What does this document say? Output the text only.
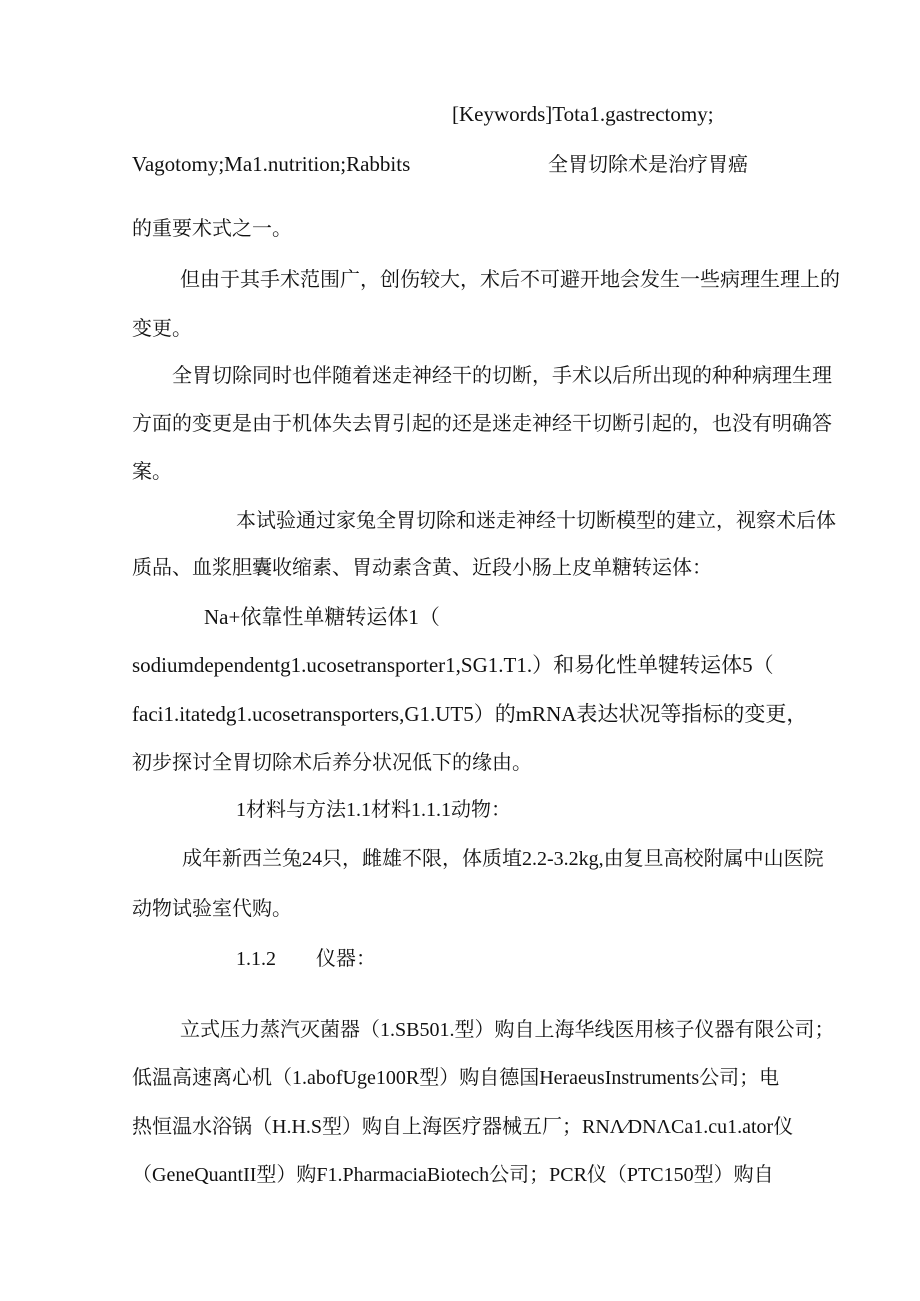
[Keywords]Tota1.gastrectomy;
Vagotomy;Ma1.nutrition;Rabbits	全胃切除术是治疗胃癌
的重要术式之一。
但由于其手术范围广，创伤较大，术后不可避开地会发生一些病理生理上的
变更。
全胃切除同时也伴随着迷走神经干的切断，手术以后所出现的种种病理生理
方面的变更是由于机体失去胃引起的还是迷走神经干切断引起的，也没有明确答
案。
本试验通过家兔全胃切除和迷走神经十切断模型的建立，视察术后体
质品、血浆胆囊收缩素、胃动素含黄、近段小肠上皮单糖转运体：
Na+依靠性单糖转运体1（
sodiumdependentg1.ucosetransporter1,SG1.T1.）和易化性单犍转运体5（
faci1.itatedg1.ucosetransporters,G1.UT5）的mRNA表达状况等指标的变更，
初步探讨全胃切除术后养分状况低下的缘由。
1材料与方法1.1材料1.1.1动物：
成年新西兰兔24只，雌雄不限，体质埴2.2-3.2kg,由复旦高校附属中山医院
动物试验室代购。
1.1.2　　仪器：
立式压力蒸汽灭菌器（1.SB501.型）购自上海华线医用核子仪器有限公司；
低温高速离心机（1.abofUge100R型）购自德国HeraeusInstruments公司；电
热恒温水浴锅（H.H.S型）购自上海医疗器械五厂；RNΛ∕DNΛCa1.cu1.ator仪
（GeneQuantII型）购F1.PharmaciaBiotech公司；PCR仪（PTC150型）购自
